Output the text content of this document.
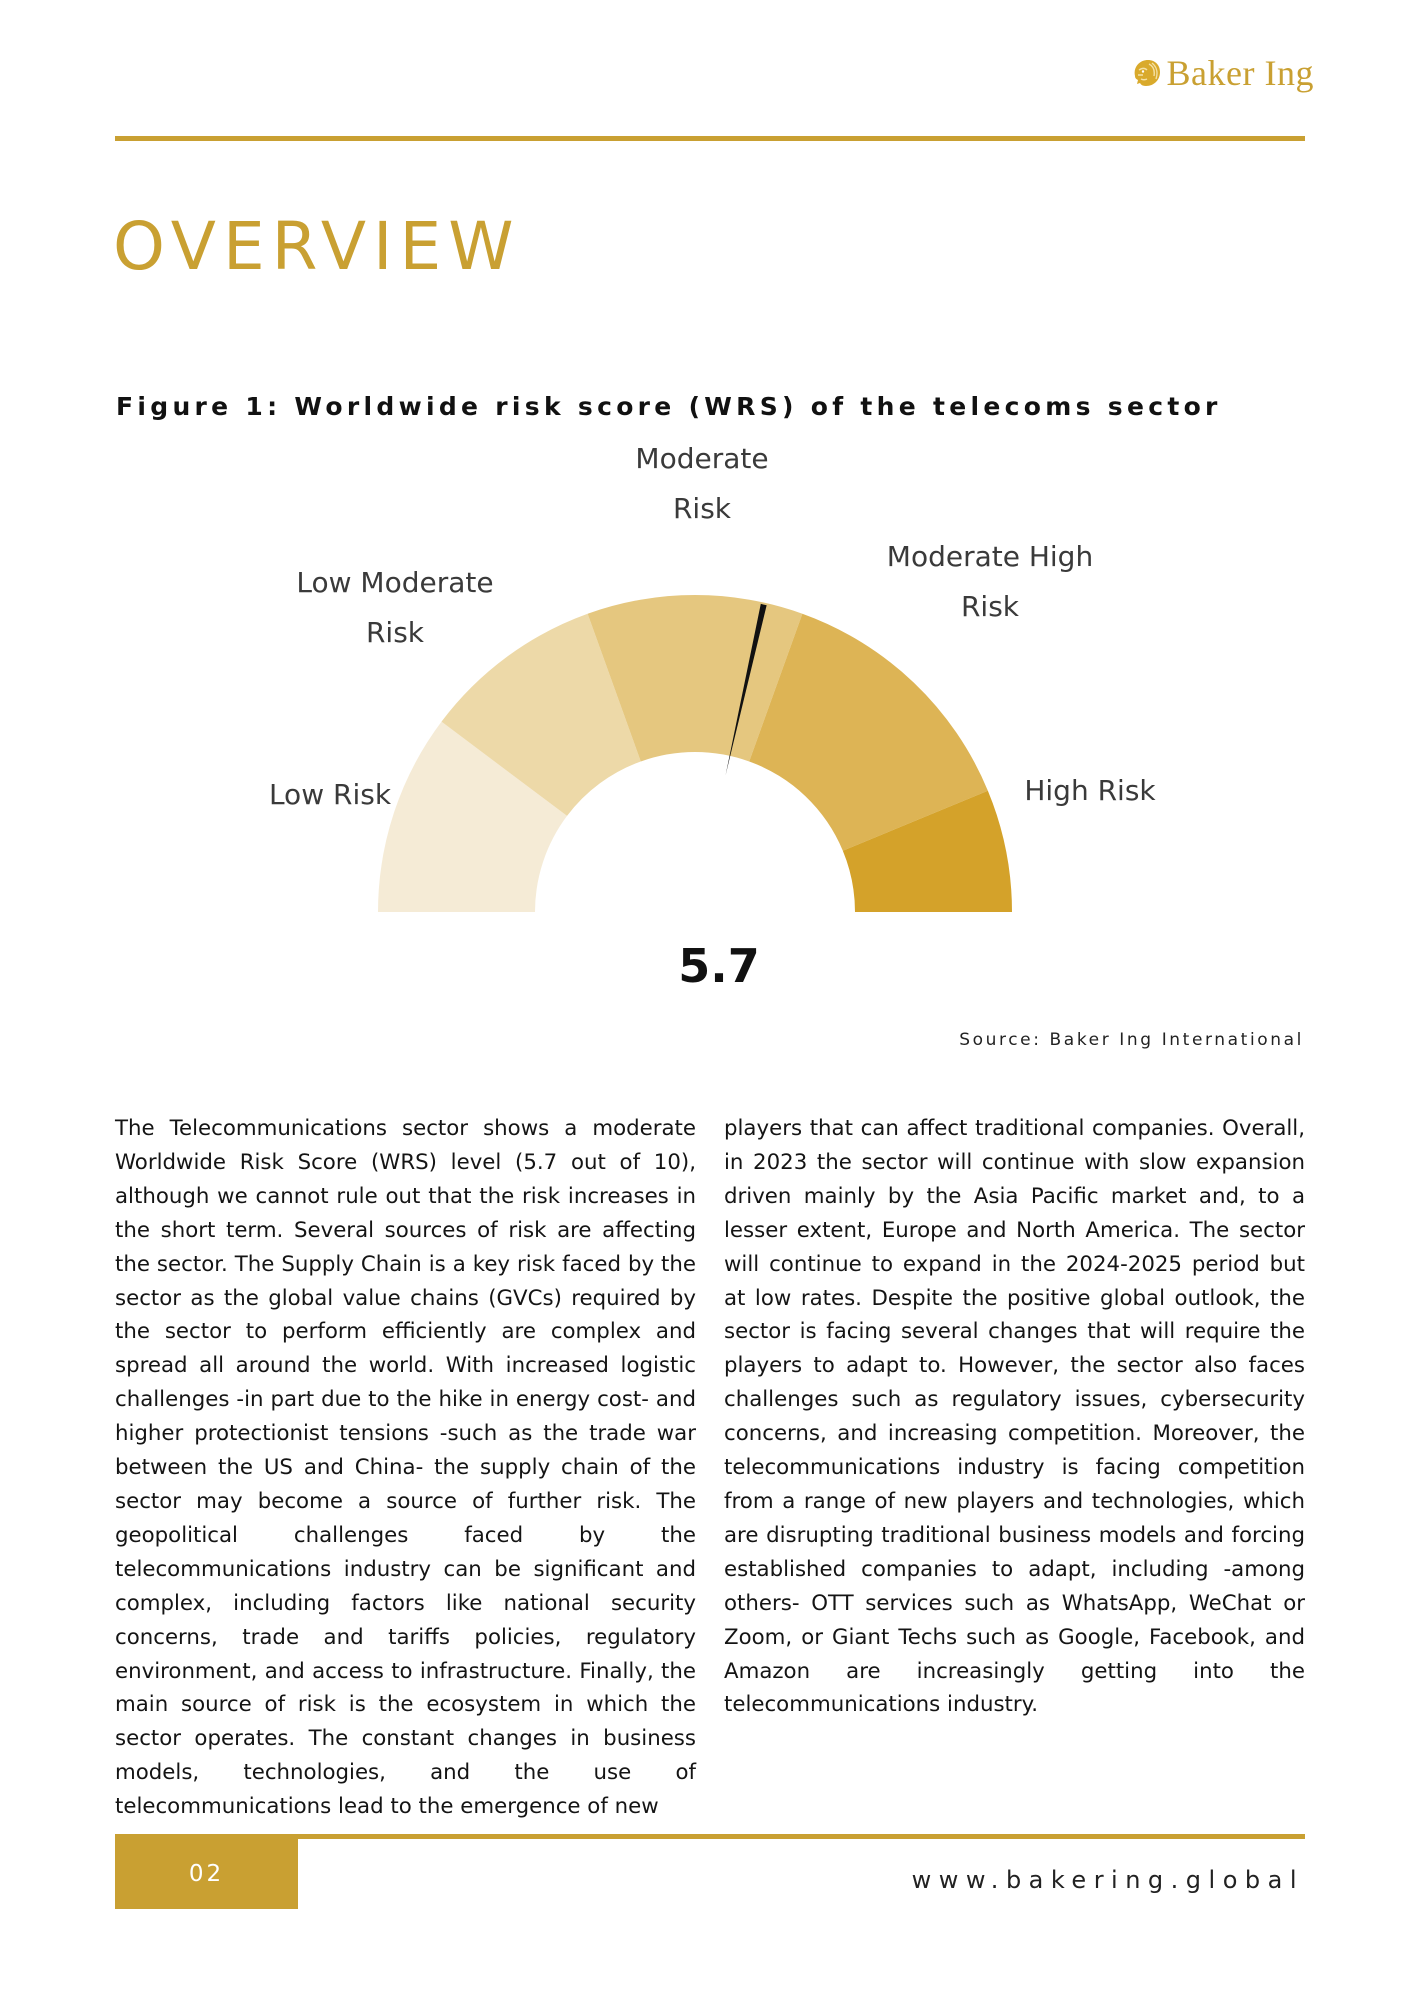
Baker Ing
OVERVIEW
Figure 1: Worldwide risk score (WRS) of the telecoms sector
Low Risk
Low Moderate Risk
Moderate Risk
Moderate High Risk
High Risk
5.7
Source: Baker Ing International

The Telecommunications sector shows a moderate Worldwide Risk Score (WRS) level (5.7 out of 10), although we cannot rule out that the risk increases in the short term. Several sources of risk are affecting the sector. The Supply Chain is a key risk faced by the sector as the global value chains (GVCs) required by the sector to perform efficiently are complex and spread all around the world. With increased logistic challenges -in part due to the hike in energy cost- and higher protectionist tensions -such as the trade war between the US and China- the supply chain of the sector may become a source of further risk. The geopolitical challenges faced by the telecommunications industry can be significant and complex, including factors like national security concerns, trade and tariffs policies, regulatory environment, and access to infrastructure. Finally, the main source of risk is the ecosystem in which the sector operates. The constant changes in business models, technologies, and the use of telecommunications lead to the emergence of new

players that can affect traditional companies. Overall, in 2023 the sector will continue with slow expansion driven mainly by the Asia Pacific market and, to a lesser extent, Europe and North America. The sector will continue to expand in the 2024-2025 period but at low rates. Despite the positive global outlook, the sector is facing several changes that will require the players to adapt to. However, the sector also faces challenges such as regulatory issues, cybersecurity concerns, and increasing competition. Moreover, the telecommunications industry is facing competition from a range of new players and technologies, which are disrupting traditional business models and forcing established companies to adapt, including -among others- OTT services such as WhatsApp, WeChat or Zoom, or Giant Techs such as Google, Facebook, and Amazon are increasingly getting into the telecommunications industry.

02	www.bakering.global
